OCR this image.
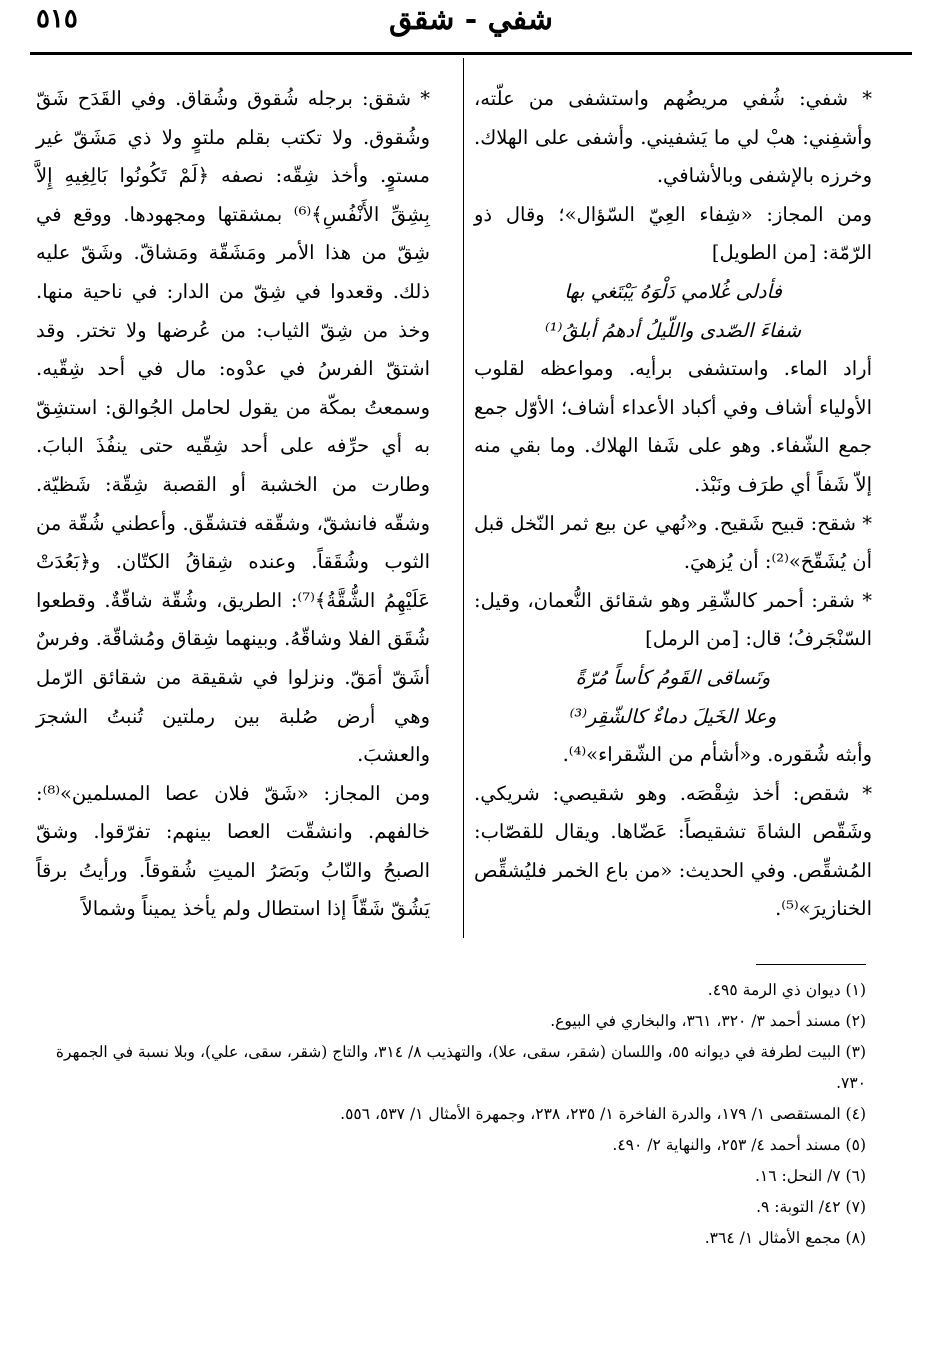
٥١٥	شفي - شقق

* شفي: شُفي مريضُهم واستشفى من علّته، وأشفِني: هبْ لي ما يَشفيني. وأشفى على الهلاك. وخرزه بالإشفى وبالأشافي.

ومن المجاز: «شِفاء العِيّ السّؤال»؛ وقال ذو الرّمّة: [من الطويل]

فأدلى غُلامي دَلْوَهُ يَبْتَغي بها

شفاءَ الصّدى واللّيلُ أدهمُ أبلقُ⁽¹⁾

أراد الماء. واستشفى برأيه. ومواعظه لقلوب الأولياء أشاف وفي أكباد الأعداء أشاف؛ الأوّل جمع جمع الشّفاء. وهو على شَفا الهلاك. وما بقي منه إلاّ شَفاً أي طرَف ونَبْذ.

* شقح: قبيح شَقيح. و«نُهي عن بيع ثمر النّخل قبل أن يُشَقّحَ»⁽²⁾: أن يُزهيَ.

* شقر: أحمر كالشّقِر وهو شقائق النُّعمان، وقيل: السّنْجَرفُ؛ قال: [من الرمل]

وتَساقى القَومُ كأساً مُرّةً

وعلا الخَيلَ دماءٌ كالشّقِر⁽³⁾

وأبثه شُقوره. و«أشأم من الشّقراء»⁽⁴⁾.

* شقص: أخذ شِقْصَه. وهو شقيصي: شريكي. وشَقّص الشاةَ تشقيصاً: عَضّاها. ويقال للقصّاب: المُشقِّص. وفي الحديث: «من باع الخمر فليُشقِّص الخنازيرَ»⁽⁵⁾.

* شقق: برجله شُقوق وشُقاق. وفي القَدَح شَقّ وشُقوق. ولا تكتب بقلم ملتوٍ ولا ذي مَشَقّ غير مستوٍ. وأخذ شِقّه: نصفه ﴿لَمْ تَكُونُوا بَالِغِيهِ إِلاَّ بِشِقِّ الأَنْفُسِ﴾⁽⁶⁾ بمشقتها ومجهودها. ووقع في شِقّ من هذا الأمر ومَشَقّة ومَشاقّ. وشَقّ عليه ذلك. وقعدوا في شِقّ من الدار: في ناحية منها. وخذ من شِقّ الثياب: من عُرضها ولا تختر. وقد اشتقّ الفرسُ في عدْوه: مال في أحد شِقّيه. وسمعتُ بمكّة من يقول لحامل الجُوالق: استشِقّ به أي حرِّفه على أحد شِقّيه حتى ينفُذَ البابَ. وطارت من الخشبة أو القصبة شِقّة: شَظيّة. وشقّه فانشقّ، وشقّقه فتشقّق. وأعطني شُقّة من الثوب وشُقَقاً. وعنده شِقاقُ الكتّان. و﴿بَعُدَتْ عَلَيْهِمُ الشُّقَّةُ﴾⁽⁷⁾: الطريق، وشُقّة شاقّةٌ. وقطعوا شُقَق الفلا وشاقّهُ. وبينهما شِقاق ومُشاقّة. وفرسٌ أشَقّ أمَقّ. ونزلوا في شقيقة من شقائق الرّمل وهي أرض صُلبة بين رملتين تُنبتُ الشجرَ والعشبَ.

ومن المجاز: «شَقّ فلان عصا المسلمين»⁽⁸⁾: خالفهم. وانشقّت العصا بينهم: تفرّقوا. وشقّ الصبحُ والنّابُ وبَصَرُ الميتِ شُقوقاً. ورأيتُ برقاً يَشُقّ شَقّاً إذا استطال ولم يأخذ يميناً وشمالاً

(١) ديوان ذي الرمة ٤٩٥.

(٢) مسند أحمد ٣/ ٣٢٠، ٣٦١، والبخاري في البيوع.

(٣) البيت لطرفة في ديوانه ٥٥، واللسان (شقر، سقى، علا)، والتهذيب ٨/ ٣١٤، والتاج (شقر، سقى، علي)، وبلا نسبة في الجمهرة ٧٣٠.

(٤) المستقصى ١/ ١٧٩، والدرة الفاخرة ١/ ٢٣٥، ٢٣٨، وجمهرة الأمثال ١/ ٥٣٧، ٥٥٦.

(٥) مسند أحمد ٤/ ٢٥٣، والنهاية ٢/ ٤٩٠.

(٦) ٧/ النحل: ١٦.

(٧) ٤٢/ التوبة: ٩.

(٨) مجمع الأمثال ١/ ٣٦٤.
